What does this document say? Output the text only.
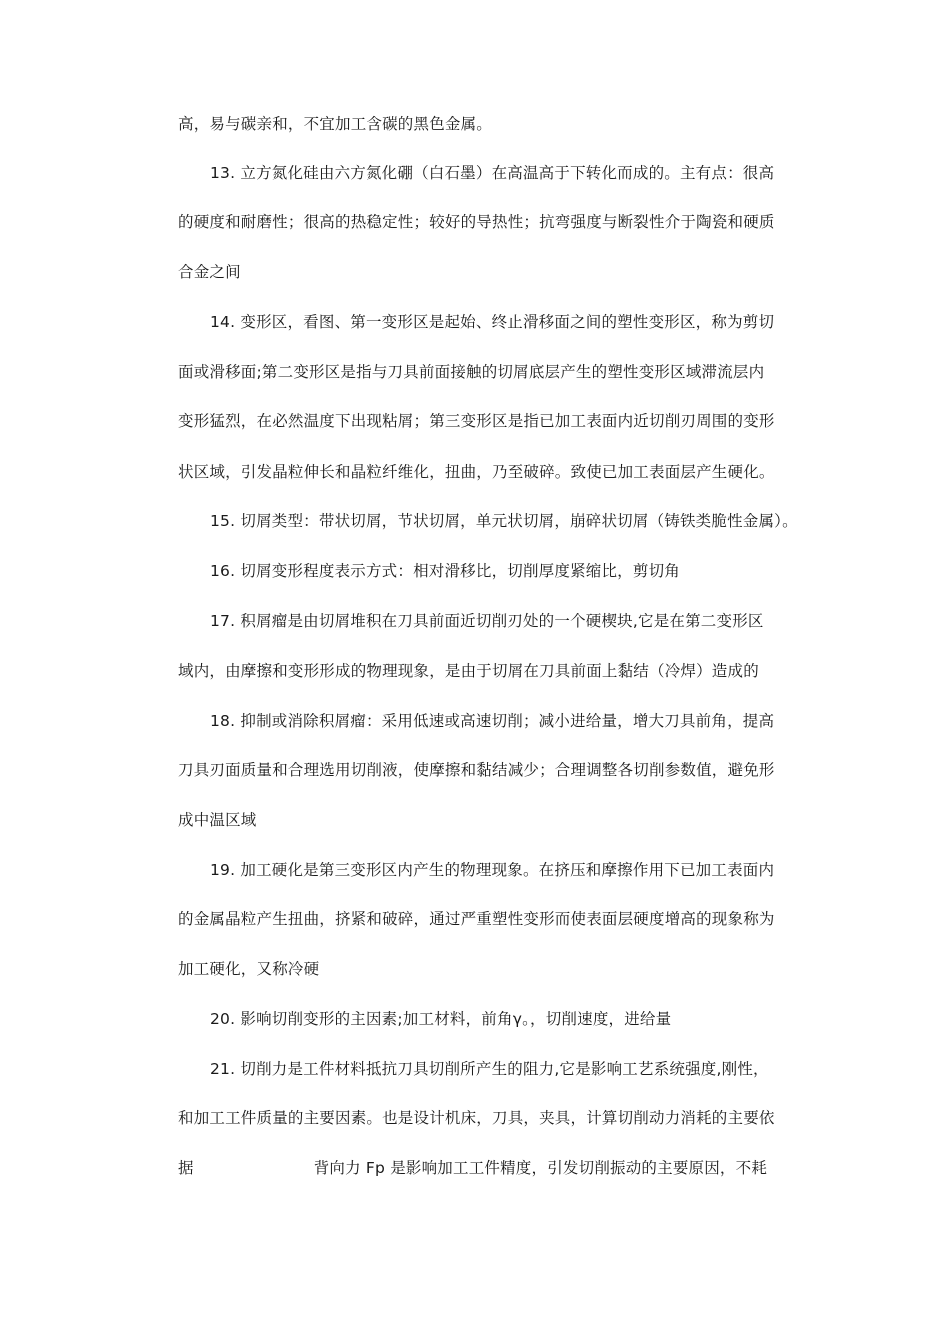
高，易与碳亲和，不宜加工含碳的黑色金属。
13. 立方氮化硅由六方氮化硼（白石墨）在高温高于下转化而成的。主有点：很高
的硬度和耐磨性；很高的热稳定性；较好的导热性；抗弯强度与断裂性介于陶瓷和硬质
合金之间
14. 变形区，看图、第一变形区是起始、终止滑移面之间的塑性变形区，称为剪切
面或滑移面;第二变形区是指与刀具前面接触的切屑底层产生的塑性变形区域滞流层内
变形猛烈，在必然温度下出现粘屑；第三变形区是指已加工表面内近切削刃周围的变形
状区域，引发晶粒伸长和晶粒纤维化，扭曲，乃至破碎。致使已加工表面层产生硬化。
15. 切屑类型：带状切屑，节状切屑，单元状切屑，崩碎状切屑（铸铁类脆性金属）。
16. 切屑变形程度表示方式：相对滑移比，切削厚度紧缩比，剪切角
17. 积屑瘤是由切屑堆积在刀具前面近切削刃处的一个硬楔块,它是在第二变形区
域内，由摩擦和变形形成的物理现象，是由于切屑在刀具前面上黏结（冷焊）造成的
18. 抑制或消除积屑瘤：采用低速或高速切削；减小进给量，增大刀具前角，提高
刀具刃面质量和合理选用切削液，使摩擦和黏结减少；合理调整各切削参数值，避免形
成中温区域
19. 加工硬化是第三变形区内产生的物理现象。在挤压和摩擦作用下已加工表面内
的金属晶粒产生扭曲，挤紧和破碎，通过严重塑性变形而使表面层硬度增高的现象称为
加工硬化，又称冷硬
20. 影响切削变形的主因素;加工材料，前角γ。，切削速度，进给量
21. 切削力是工件材料抵抗刀具切削所产生的阻力,它是影响工艺系统强度,刚性，
和加工工件质量的主要因素。也是设计机床，刀具，夹具，计算切削动力消耗的主要依
据	背向力 Fp 是影响加工工件精度，引发切削振动的主要原因，不耗
